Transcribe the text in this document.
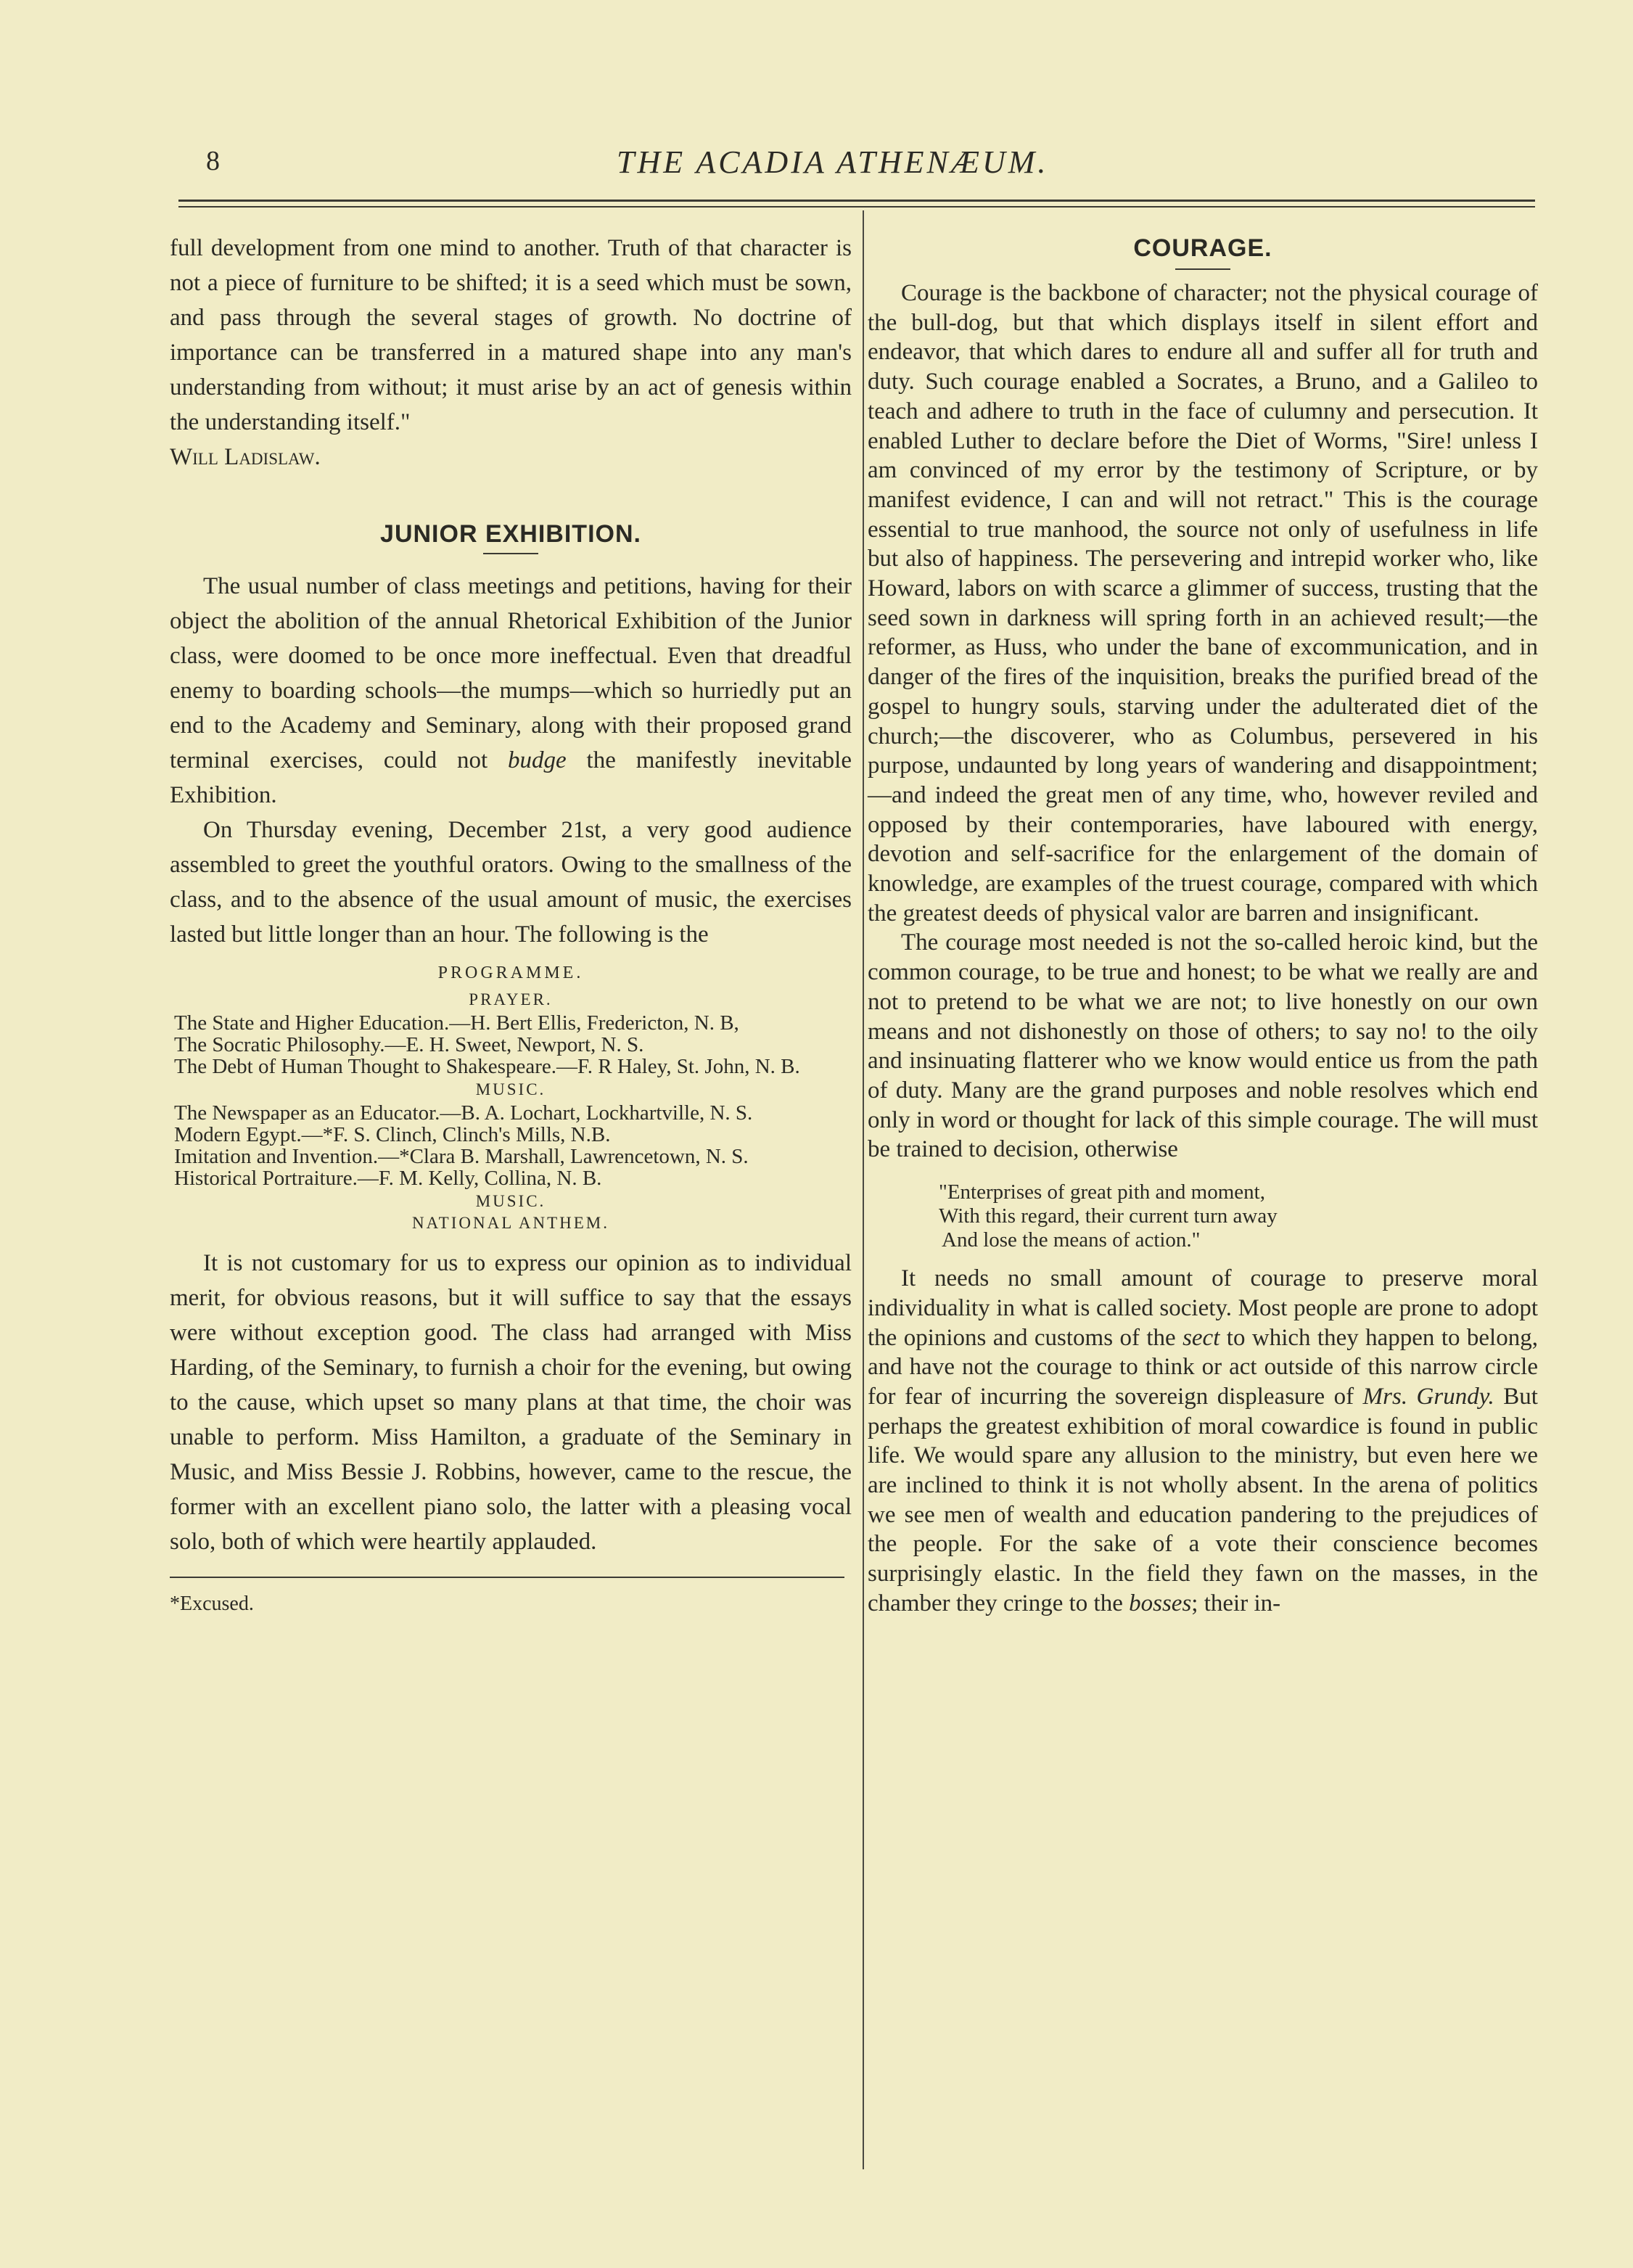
8	THE ACADIA ATHENÆUM.

full development from one mind to another. Truth of that character is not a piece of furniture to be shifted; it is a seed which must be sown, and pass through the several stages of growth. No doctrine of importance can be transferred in a matured shape into any man's understanding from without; it must arise by an act of genesis within the understanding itself."

Will Ladislaw.
JUNIOR EXHIBITION.

The usual number of class meetings and petitions, having for their object the abolition of the annual Rhetorical Exhibition of the Junior class, were doomed to be once more ineffectual. Even that dreadful enemy to boarding schools—the mumps—which so hurriedly put an end to the Academy and Seminary, along with their proposed grand terminal exercises, could not budge the manifestly inevitable Exhibition.

On Thursday evening, December 21st, a very good audience assembled to greet the youthful orators. Owing to the smallness of the class, and to the absence of the usual amount of music, the exercises lasted but little longer than an hour. The following is the

PROGRAMME.
PRAYER.
The State and Higher Education.—H. Bert Ellis, Fredericton, N. B,
The Socratic Philosophy.—E. H. Sweet, Newport, N. S.
The Debt of Human Thought to Shakespeare.—F. R Haley, St. John, N. B.
MUSIC.
The Newspaper as an Educator.—B. A. Lochart, Lockhartville, N. S.
Modern Egypt.—*F. S. Clinch, Clinch's Mills, N.B.
Imitation and Invention.—*Clara B. Marshall, Lawrencetown, N. S.
Historical Portraiture.—F. M. Kelly, Collina, N. B.
MUSIC.
NATIONAL ANTHEM.

It is not customary for us to express our opinion as to individual merit, for obvious reasons, but it will suffice to say that the essays were without exception good. The class had arranged with Miss Harding, of the Seminary, to furnish a choir for the evening, but owing to the cause, which upset so many plans at that time, the choir was unable to perform. Miss Hamilton, a graduate of the Seminary in Music, and Miss Bessie J. Robbins, however, came to the rescue, the former with an excellent piano solo, the latter with a pleasing vocal solo, both of which were heartily applauded.

*Excused.
COURAGE.

Courage is the backbone of character; not the physical courage of the bull-dog, but that which displays itself in silent effort and endeavor, that which dares to endure all and suffer all for truth and duty. Such courage enabled a Socrates, a Bruno, and a Galileo to teach and adhere to truth in the face of culumny and persecution. It enabled Luther to declare before the Diet of Worms, "Sire! unless I am convinced of my error by the testimony of Scripture, or by manifest evidence, I can and will not retract." This is the courage essential to true manhood, the source not only of usefulness in life but also of happiness. The persevering and intrepid worker who, like Howard, labors on with scarce a glimmer of success, trusting that the seed sown in darkness will spring forth in an achieved result;—the reformer, as Huss, who under the bane of excommunication, and in danger of the fires of the inquisition, breaks the purified bread of the gospel to hungry souls, starving under the adulterated diet of the church;—the discoverer, who as Columbus, persevered in his purpose, undaunted by long years of wandering and disappointment;—and indeed the great men of any time, who, however reviled and opposed by their contemporaries, have laboured with energy, devotion and self-sacrifice for the enlargement of the domain of knowledge, are examples of the truest courage, compared with which the greatest deeds of physical valor are barren and insignificant.

The courage most needed is not the so-called heroic kind, but the common courage, to be true and honest; to be what we really are and not to pretend to be what we are not; to live honestly on our own means and not dishonestly on those of others; to say no! to the oily and insinuating flatterer who we know would entice us from the path of duty. Many are the grand purposes and noble resolves which end only in word or thought for lack of this simple courage. The will must be trained to decision, otherwise

"Enterprises of great pith and moment,
With this regard, their current turn away
And lose the means of action."

It needs no small amount of courage to preserve moral individuality in what is called society. Most people are prone to adopt the opinions and customs of the sect to which they happen to belong, and have not the courage to think or act outside of this narrow circle for fear of incurring the sovereign displeasure of Mrs. Grundy. But perhaps the greatest exhibition of moral cowardice is found in public life. We would spare any allusion to the ministry, but even here we are inclined to think it is not wholly absent. In the arena of politics we see men of wealth and education pandering to the prejudices of the people. For the sake of a vote their conscience becomes surprisingly elastic. In the field they fawn on the masses, in the chamber they cringe to the bosses; their in-
